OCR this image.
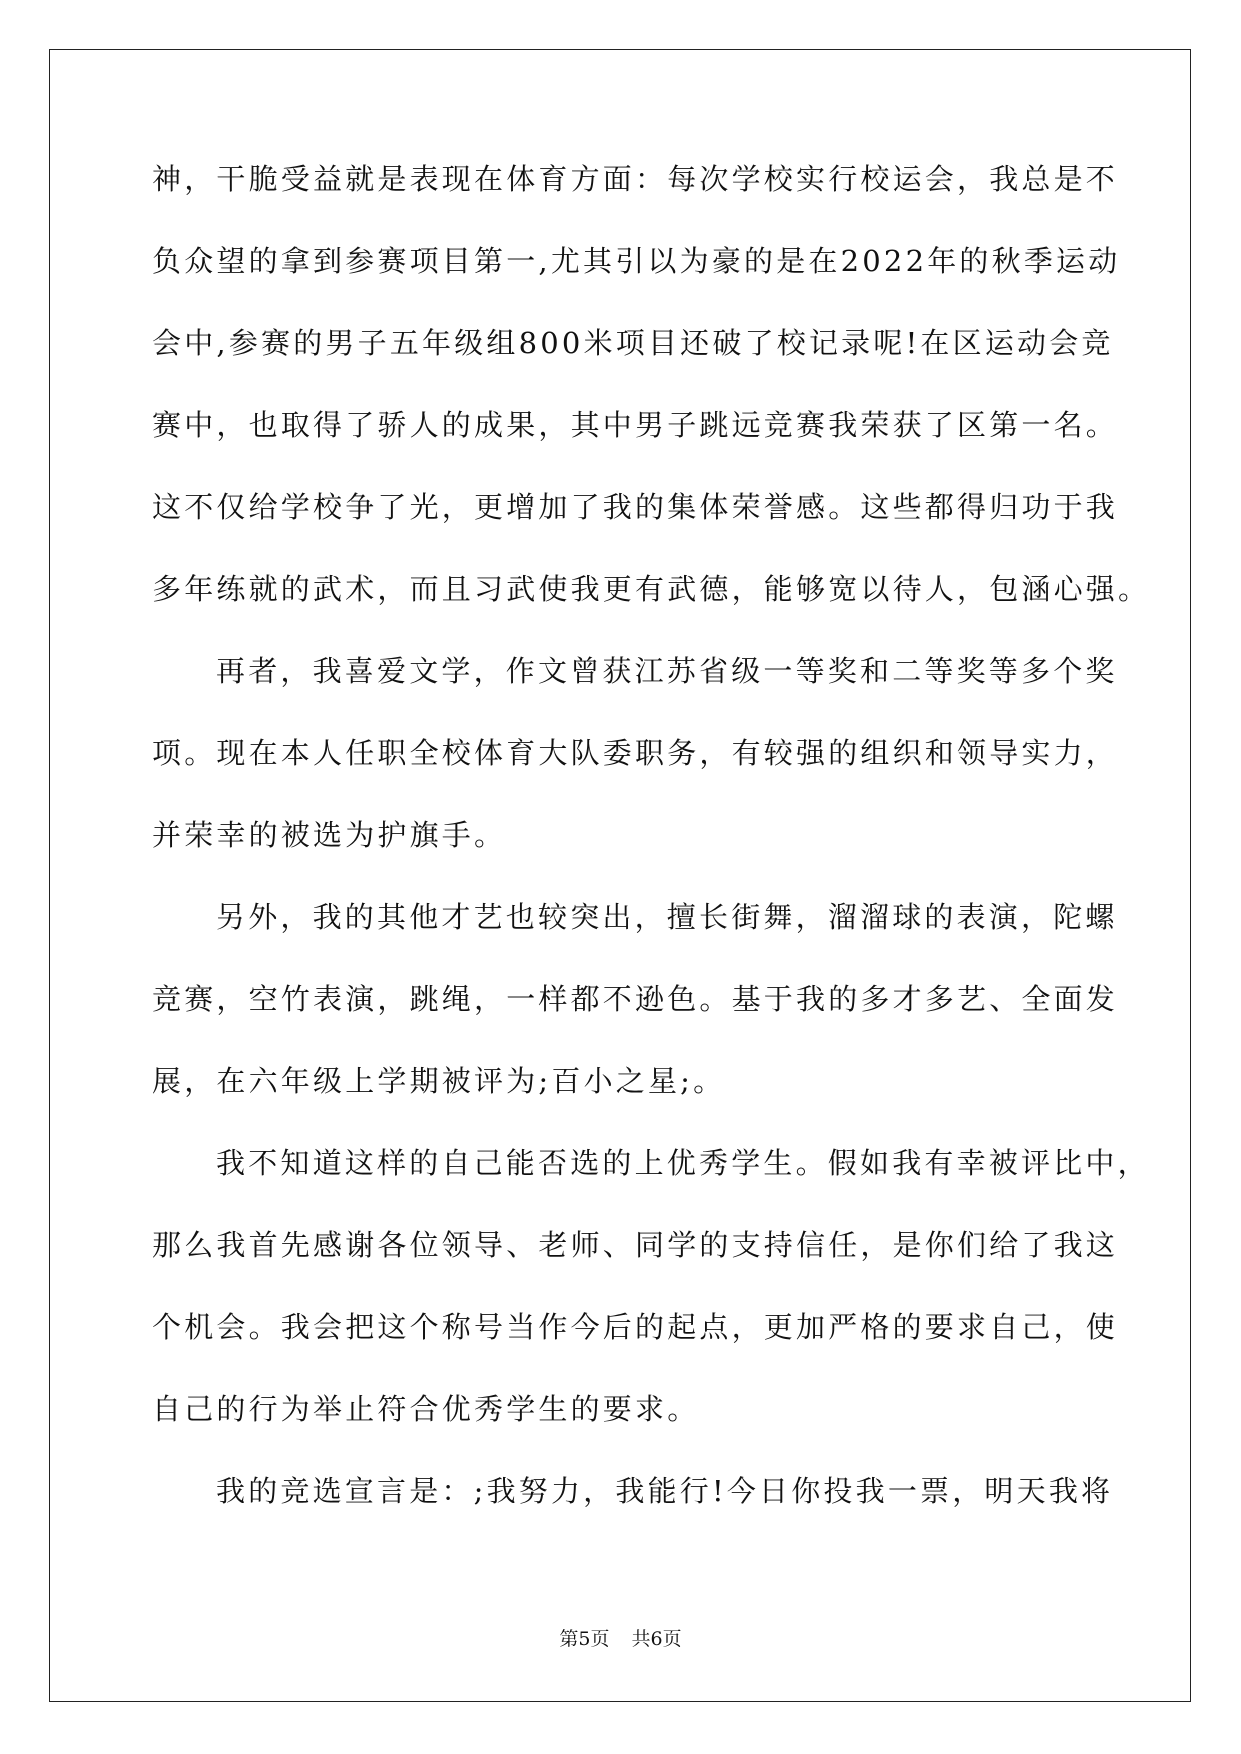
神，干脆受益就是表现在体育方面：每次学校实行校运会，我总是不
负众望的拿到参赛项目第一,尤其引以为豪的是在2022年的秋季运动
会中,参赛的男子五年级组800米项目还破了校记录呢!在区运动会竞
赛中，也取得了骄人的成果，其中男子跳远竞赛我荣获了区第一名。
这不仅给学校争了光，更增加了我的集体荣誉感。这些都得归功于我
多年练就的武术，而且习武使我更有武德，能够宽以待人，包涵心强。
再者，我喜爱文学，作文曾获江苏省级一等奖和二等奖等多个奖
项。现在本人任职全校体育大队委职务，有较强的组织和领导实力，
并荣幸的被选为护旗手。
另外，我的其他才艺也较突出，擅长街舞，溜溜球的表演，陀螺
竞赛，空竹表演，跳绳，一样都不逊色。基于我的多才多艺、全面发
展，在六年级上学期被评为;百小之星;。
我不知道这样的自己能否选的上优秀学生。假如我有幸被评比中，
那么我首先感谢各位领导、老师、同学的支持信任，是你们给了我这
个机会。我会把这个称号当作今后的起点，更加严格的要求自己，使
自己的行为举止符合优秀学生的要求。
我的竞选宣言是：;我努力，我能行!今日你投我一票，明天我将
第5页 共6页
